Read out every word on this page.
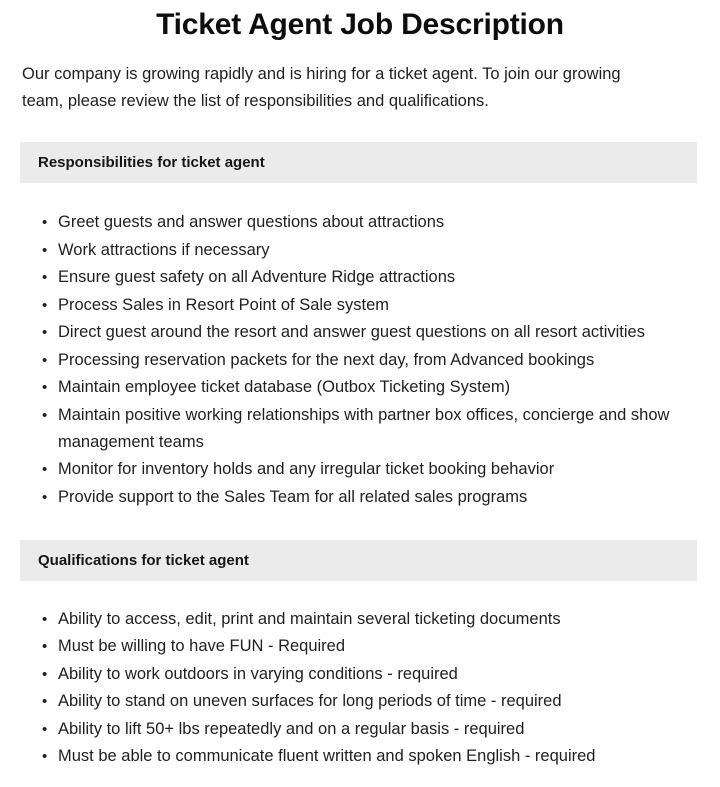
Ticket Agent Job Description

Our company is growing rapidly and is hiring for a ticket agent. To join our growing team, please review the list of responsibilities and qualifications.

Responsibilities for ticket agent
• Greet guests and answer questions about attractions
• Work attractions if necessary
• Ensure guest safety on all Adventure Ridge attractions
• Process Sales in Resort Point of Sale system
• Direct guest around the resort and answer guest questions on all resort activities
• Processing reservation packets for the next day, from Advanced bookings
• Maintain employee ticket database (Outbox Ticketing System)
• Maintain positive working relationships with partner box offices, concierge and show management teams
• Monitor for inventory holds and any irregular ticket booking behavior
• Provide support to the Sales Team for all related sales programs
Qualifications for ticket agent
• Ability to access, edit, print and maintain several ticketing documents
• Must be willing to have FUN - Required
• Ability to work outdoors in varying conditions - required
• Ability to stand on uneven surfaces for long periods of time - required
• Ability to lift 50+ lbs repeatedly and on a regular basis - required
• Must be able to communicate fluent written and spoken English - required
